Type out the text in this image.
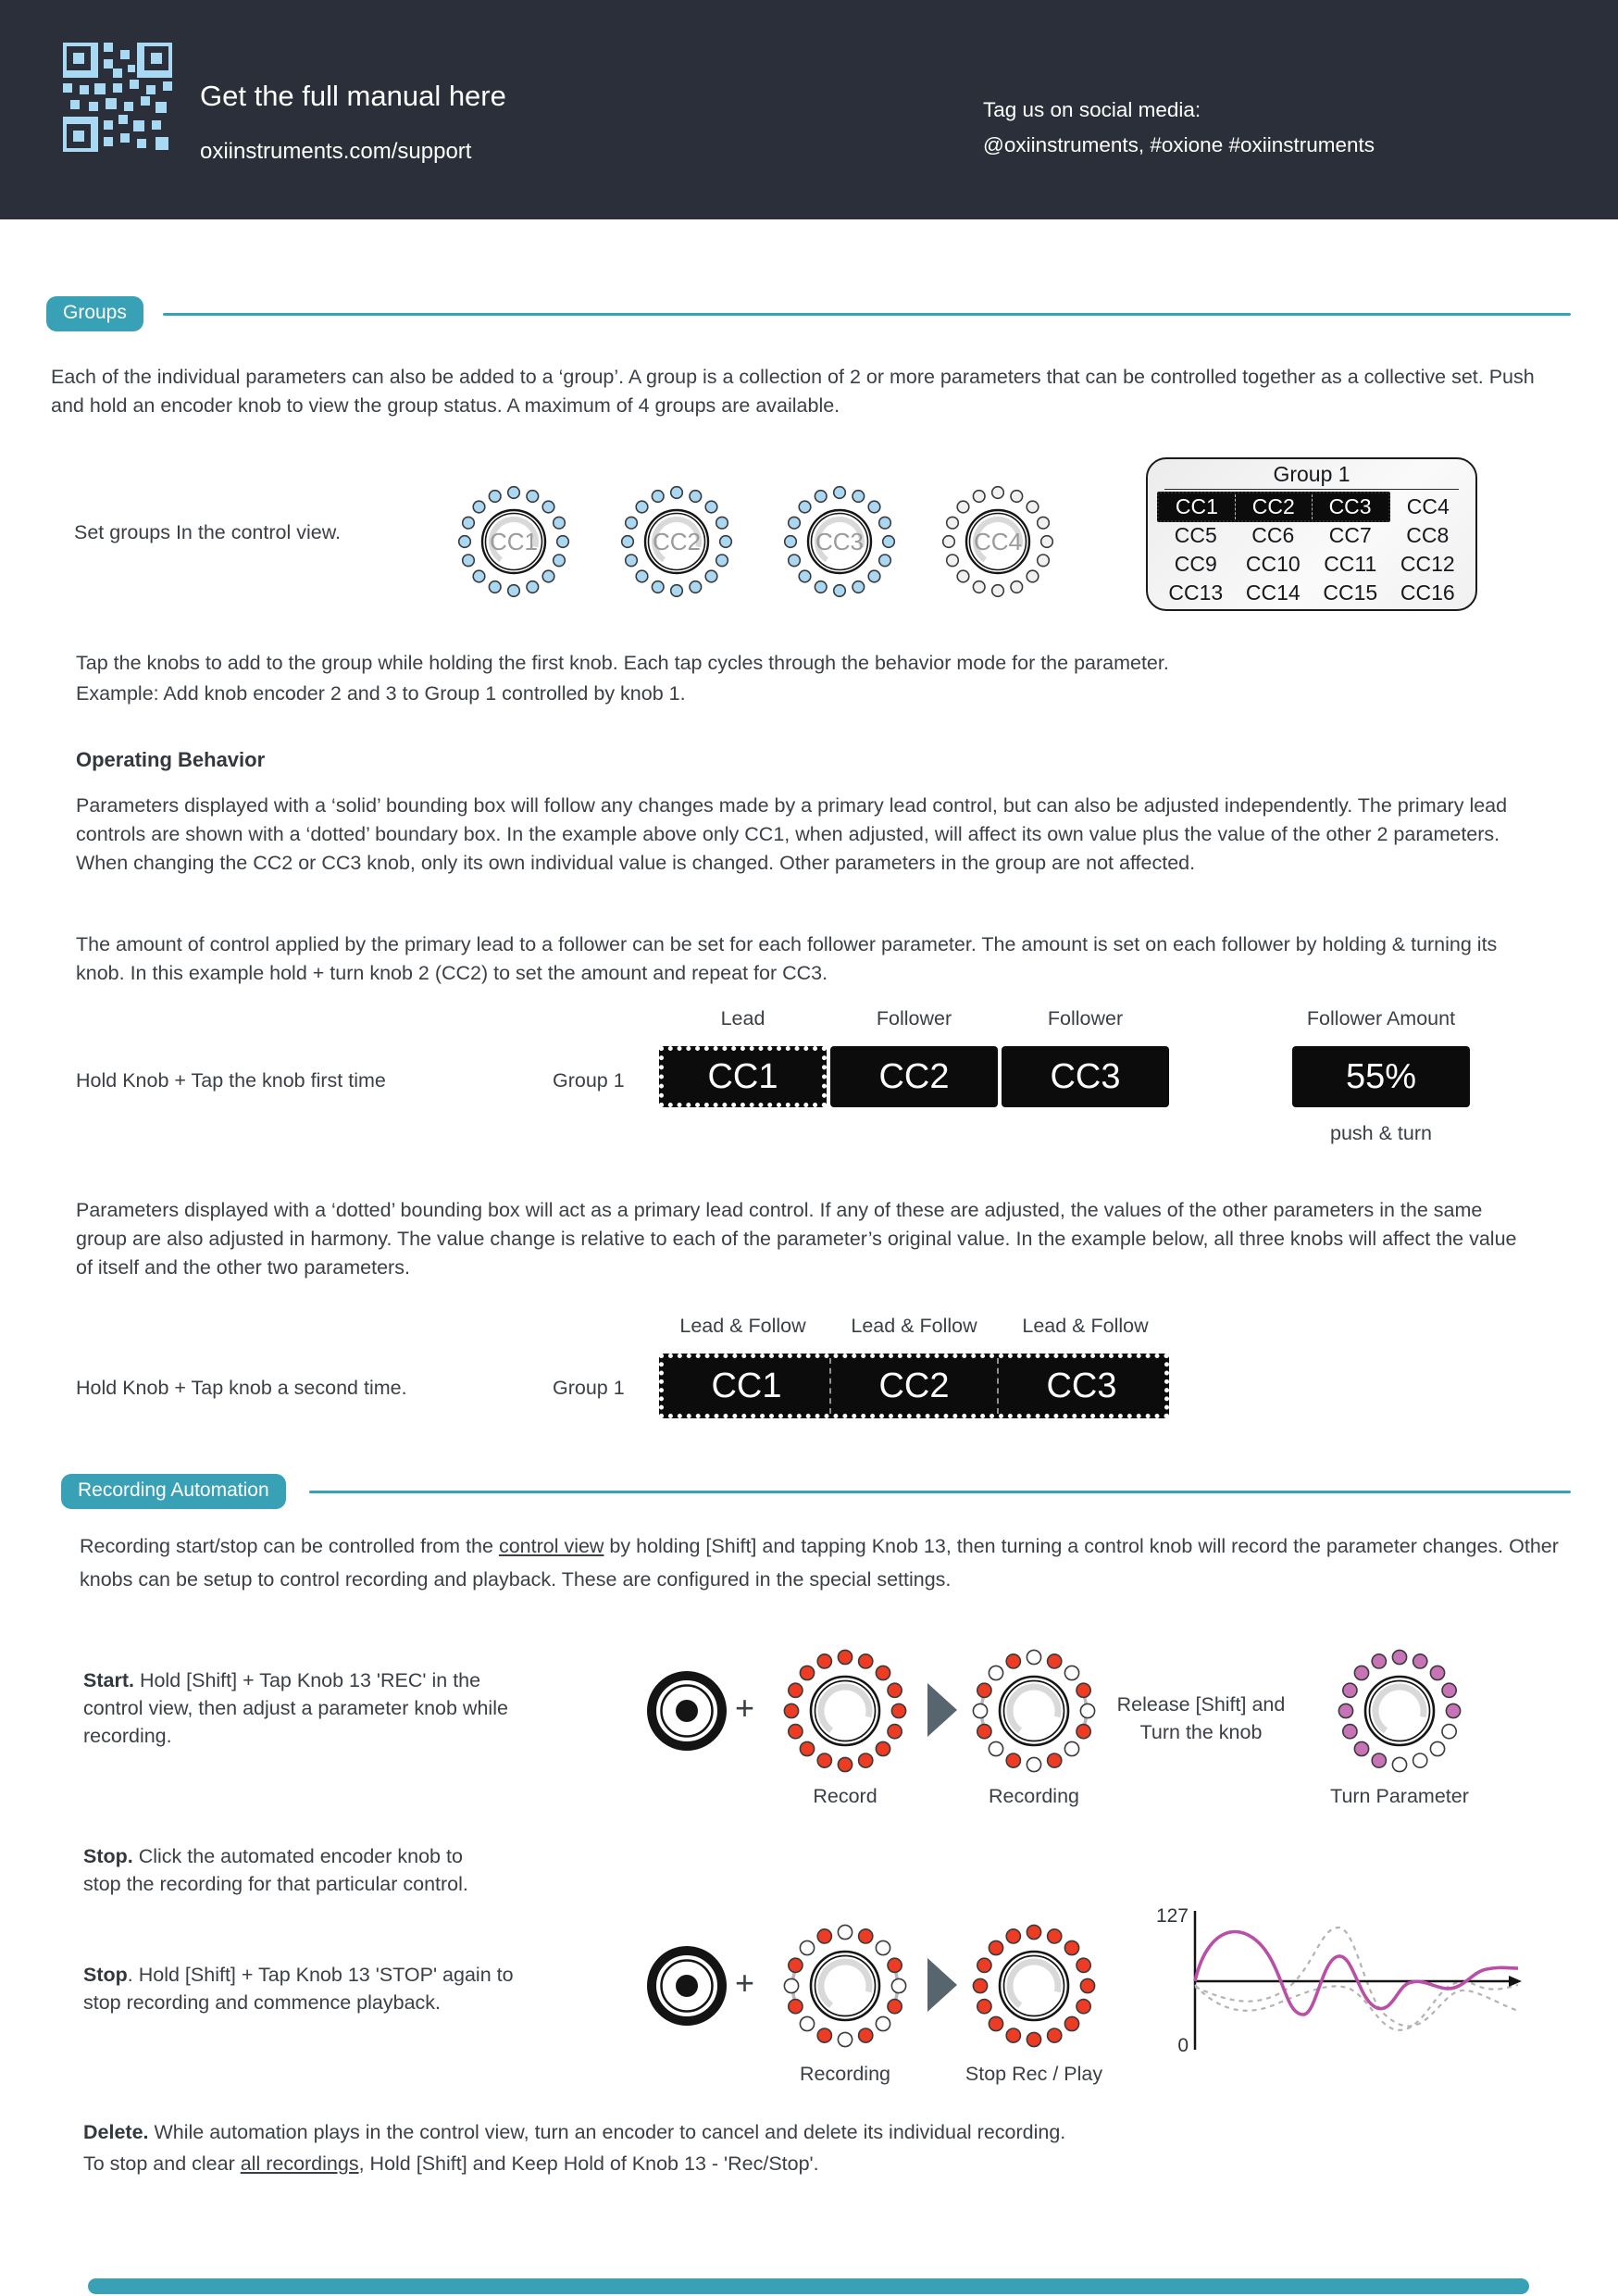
Get the full manual here
oxiinstruments.com/support
Tag us on social media:
@oxiinstruments, #oxione #oxiinstruments
Groups
Each of the individual parameters can also be added to a ‘group’. A group is a collection of 2 or more parameters that can be controlled together as a collective set. Push and hold an encoder knob to view the group status. A maximum of 4 groups are available.
Set groups In the control view.	CC1	CC2	CC3	CC4
Group 1
CC1	CC2	CC3	CC4
CC5	CC6	CC7	CC8
CC9	CC10	CC11	CC12
CC13	CC14	CC15	CC16
Tap the knobs to add to the group while holding the first knob. Each tap cycles through the behavior mode for the parameter.
Example: Add knob encoder 2 and 3 to Group 1 controlled by knob 1.
Operating Behavior
Parameters displayed with a ‘solid’ bounding box will follow any changes made by a primary lead control, but can also be adjusted independently. The primary lead controls are shown with a ‘dotted’ boundary box. In the example above only CC1, when adjusted, will affect its own value plus the value of the other 2 parameters. When changing the CC2 or CC3 knob, only its own individual value is changed. Other parameters in the group are not affected.
The amount of control applied by the primary lead to a follower can be set for each follower parameter. The amount is set on each follower by holding & turning its knob. In this example hold + turn knob 2 (CC2) to set the amount and repeat for CC3.
Lead	Follower	Follower	Follower Amount
Hold Knob + Tap the knob first time	Group 1	CC1	CC2	CC3	55%
push & turn
Parameters displayed with a ‘dotted’ bounding box will act as a primary lead control. If any of these are adjusted, the values of the other parameters in the same group are also adjusted in harmony. The value change is relative to each of the parameter’s original value. In the example below, all three knobs will affect the value of itself and the other two parameters.
Lead & Follow	Lead & Follow	Lead & Follow
Hold Knob + Tap knob a second time.	Group 1	CC1	CC2	CC3
Recording Automation
Recording start/stop can be controlled from the control view by holding [Shift] and tapping Knob 13, then turning a control knob will record the parameter changes. Other knobs can be setup to control recording and playback. These are configured in the special settings.
Start. Hold [Shift] + Tap Knob 13 'REC' in the control view, then adjust a parameter knob while recording.
+	Release [Shift] and
Turn the knob
Record	Recording	Turn Parameter
Stop. Click the automated encoder knob to stop the recording for that particular control.
Stop. Hold [Shift] + Tap Knob 13 'STOP' again to stop recording and commence playback.
+
Recording	Stop Rec / Play
127
0
Delete. While automation plays in the control view, turn an encoder to cancel and delete its individual recording.
To stop and clear all recordings, Hold [Shift] and Keep Hold of Knob 13 - 'Rec/Stop'.
